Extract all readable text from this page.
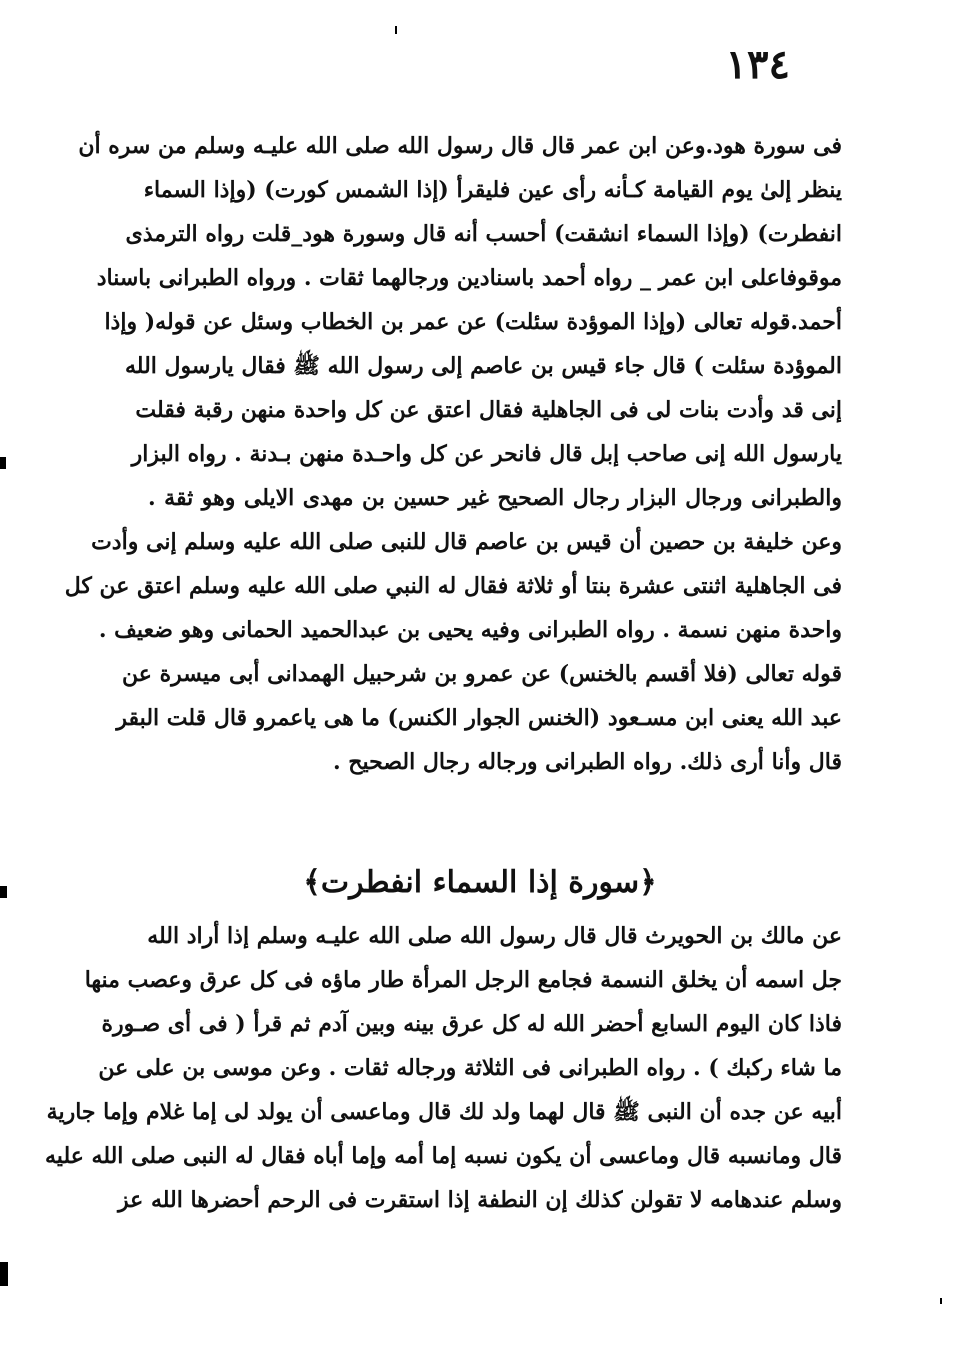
١٣٤
فى سورة هود.وعن ابن عمر قال قال رسول الله صلى الله عليـه وسلم من سره أن
ينظر إلىٰ يوم القيامة كـأنه رأى عين فليقرأ (إذا الشمس كورت) (وإذا السماء
انفطرت) (وإذا السماء انشقت) أحسب أنه قال وسورة هود_قلت رواه الترمذى
موقوفاعلى ابن عمر _ رواه أحمد باسنادين ورجالهما ثقات . ورواه الطبرانى باسناد
أحمد.قوله تعالى (وإذا الموؤدة سئلت) عن عمر بن الخطاب وسئل عن قوله( وإذا
الموؤدة سئلت ) قال جاء قيس بن عاصم إلى رسول الله ﷺ فقال يارسول الله
إنى قد وأدت بنات لى فى الجاهلية فقال اعتق عن كل واحدة منهن رقبة فقلت
يارسول الله إنى صاحب إبل قال فانحر عن كل واحـدة منهن بـدنة . رواه البزار
والطبرانى ورجال البزار رجال الصحيح غير حسين بن مهدى الايلى وهو ثقة .
وعن خليفة بن حصين أن قيس بن عاصم قال للنبى صلى الله عليه وسلم إنى وأدت
فى الجاهلية اثنتى عشرة بنتا أو ثلاثة فقال له النبي صلى الله عليه وسلم اعتق عن كل
واحدة منهن نسمة . رواه الطبرانى وفيه يحيى بن عبدالحميد الحمانى وهو ضعيف .
قوله تعالى (فلا أقسم بالخنس) عن عمرو بن شرحبيل الهمدانى أبى ميسرة عن
عبد الله يعنى ابن مسـعود (الخنس الجوار الكنس) ما هى ياعمرو قال قلت البقر
قال وأنا أرى ذلك. رواه الطبرانى ورجاله رجال الصحيح .
﴿سورة إذا السماء انفطرت﴾
عن مالك بن الحويرث قال قال رسول الله صلى الله عليـه وسلم إذا أراد الله
جل اسمه أن يخلق النسمة فجامع الرجل المرأة طار ماؤه فى كل عرق وعصب منها
فاذا كان اليوم السابع أحضر الله له كل عرق بينه وبين آدم ثم قرأ ( فى أى صـورة
ما شاء ركبك ) . رواه الطبرانى فى الثلاثة ورجاله ثقات . وعن موسى بن على عن
أبيه عن جده أن النبى ﷺ قال لهما ولد لك قال وماعسى أن يولد لى إما غلام وإما جارية
قال ومانسبه قال وماعسى أن يكون نسبه إما أمه وإما أباه فقال له النبى صلى الله عليه
وسلم عندهامه لا تقولن كذلك إن النطفة إذا استقرت فى الرحم أحضرها الله عز
